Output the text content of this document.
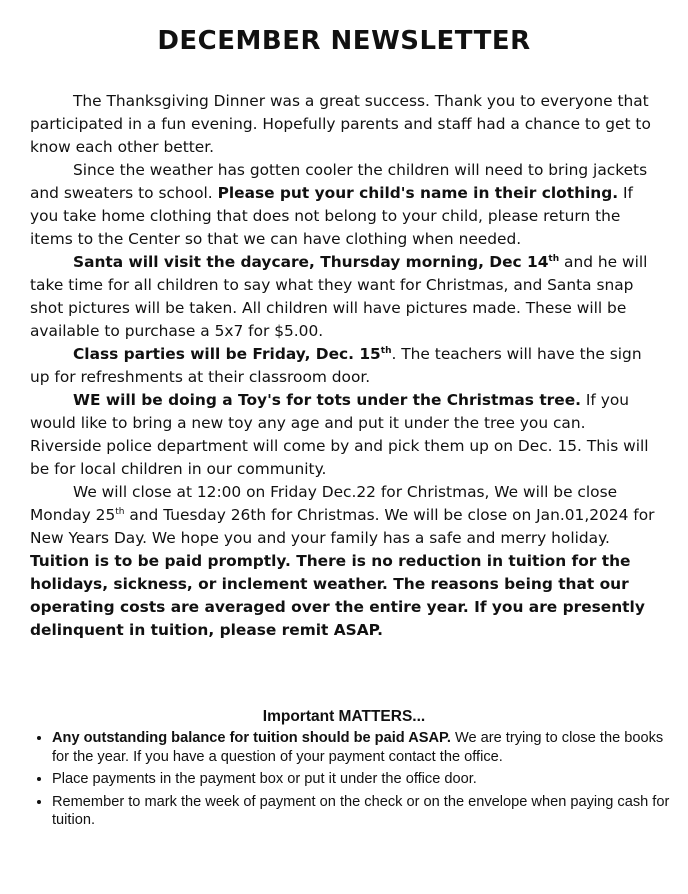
DECEMBER NEWSLETTER

The Thanksgiving Dinner was a great success. Thank you to everyone that participated in a fun evening. Hopefully parents and staff had a chance to get to know each other better.

Since the weather has gotten cooler the children will need to bring jackets and sweaters to school. Please put your child's name in their clothing. If you take home clothing that does not belong to your child, please return the items to the Center so that we can have clothing when needed.

Santa will visit the daycare, Thursday morning, Dec 14th and he will take time for all children to say what they want for Christmas, and Santa snap shot pictures will be taken. All children will have pictures made. These will be available to purchase a 5x7 for $5.00.

Class parties will be Friday, Dec. 15th. The teachers will have the sign up for refreshments at their classroom door.

WE will be doing a Toy's for tots under the Christmas tree. If you would like to bring a new toy any age and put it under the tree you can. Riverside police department will come by and pick them up on Dec. 15. This will be for local children in our community.

We will close at 12:00 on Friday Dec.22 for Christmas, We will be close Monday 25th and Tuesday 26th for Christmas. We will be close on Jan.01,2024 for New Years Day. We hope you and your family has a safe and merry holiday.

Tuition is to be paid promptly. There is no reduction in tuition for the holidays, sickness, or inclement weather. The reasons being that our operating costs are averaged over the entire year. If you are presently delinquent in tuition, please remit ASAP.

Important MATTERS...
• Any outstanding balance for tuition should be paid ASAP. We are trying to close the books for the year. If you have a question of your payment contact the office.
• Place payments in the payment box or put it under the office door.
• Remember to mark the week of payment on the check or on the envelope when paying cash for tuition.
